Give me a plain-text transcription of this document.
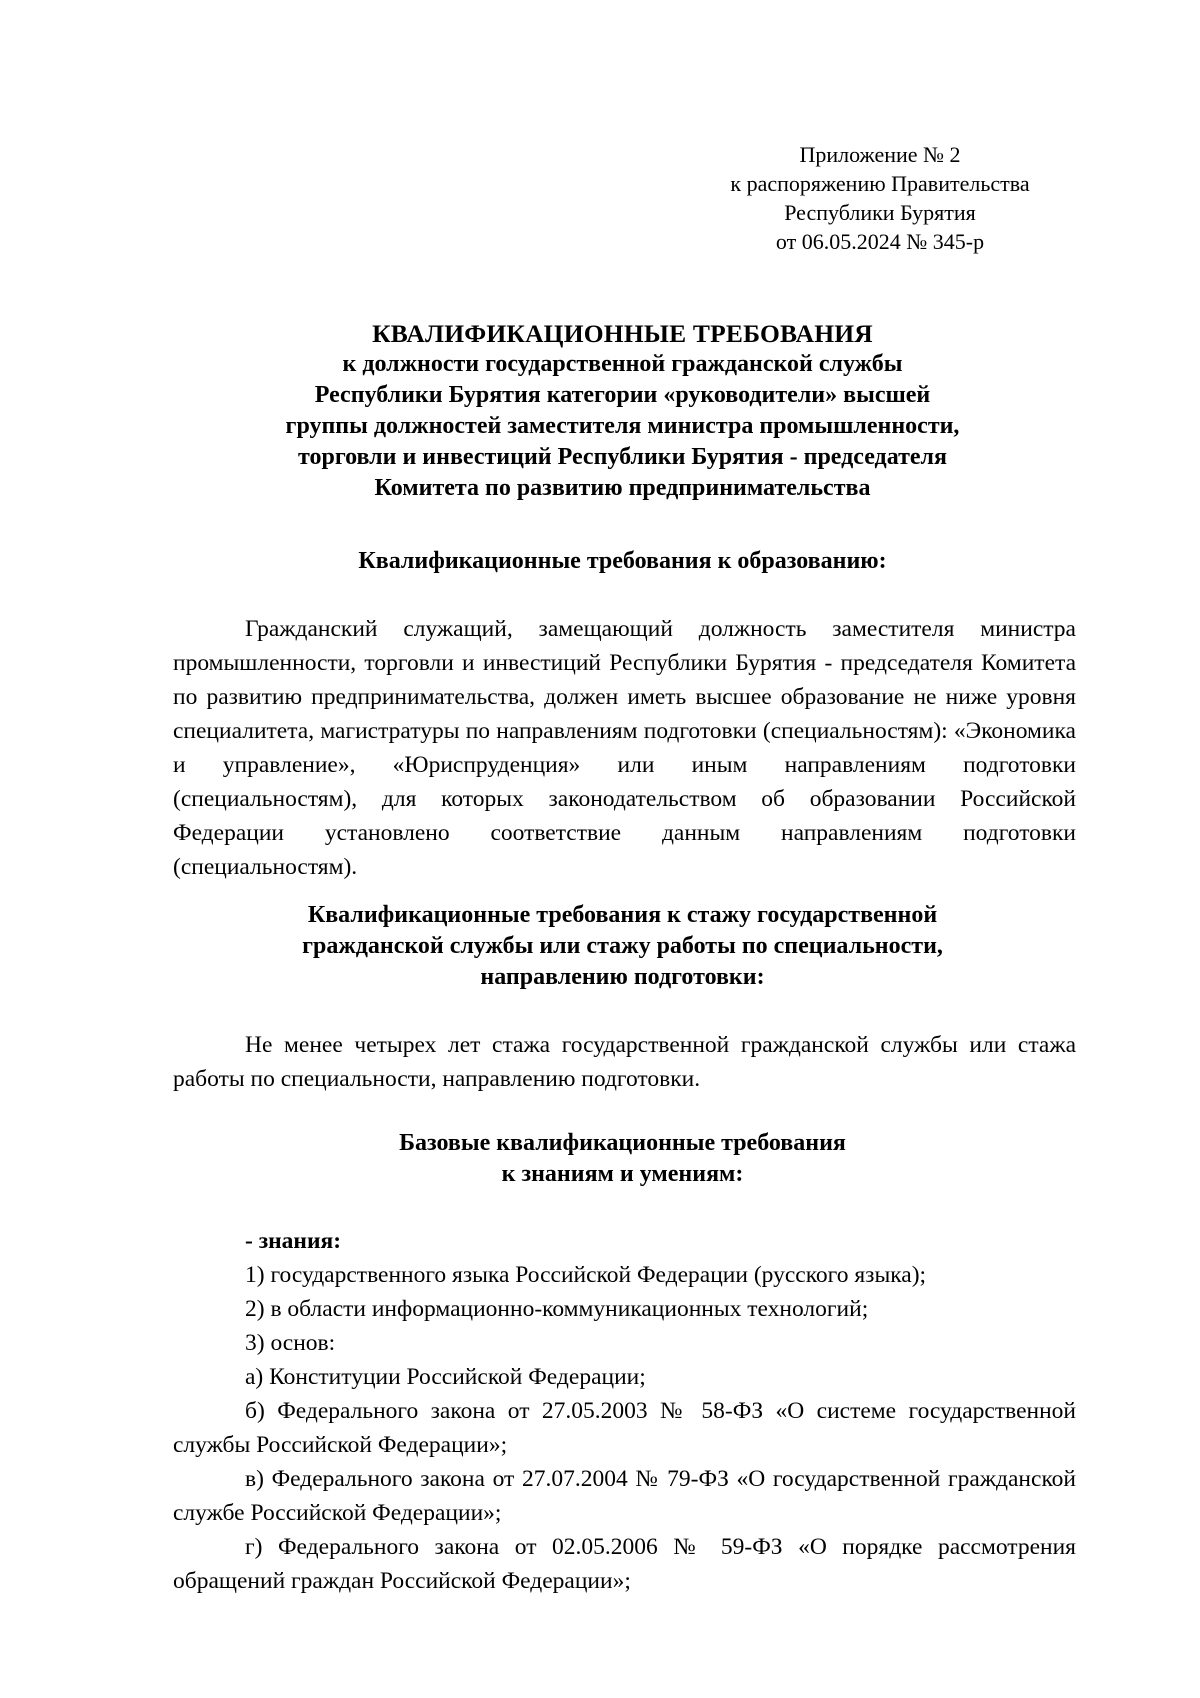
Приложение № 2
к распоряжению Правительства
Республики Бурятия
от 06.05.2024 № 345-р
КВАЛИФИКАЦИОННЫЕ ТРЕБОВАНИЯ
к должности государственной гражданской службы
Республики Бурятия категории «руководители» высшей
группы должностей заместителя министра промышленности,
торговли и инвестиций Республики Бурятия - председателя
Комитета по развитию предпринимательства
Квалификационные требования к образованию:

Гражданский служащий, замещающий должность заместителя министра промышленности, торговли и инвестиций Республики Бурятия - председателя Комитета по развитию предпринимательства, должен иметь высшее образование не ниже уровня специалитета, магистратуры по направлениям подготовки (специальностям): «Экономика и управление», «Юриспруденция» или иным направлениям подготовки (специальностям), для которых законодательством об образовании Российской Федерации установлено соответствие данным направлениям подготовки (специальностям).

Квалификационные требования к стажу государственной
гражданской службы или стажу работы по специальности,
направлению подготовки:

Не менее четырех лет стажа государственной гражданской службы или стажа работы по специальности, направлению подготовки.

Базовые квалификационные требования
к знаниям и умениям:

- знания:

1) государственного языка Российской Федерации (русского языка);

2) в области информационно-коммуникационных технологий;

3) основ:

а) Конституции Российской Федерации;

б) Федерального закона от 27.05.2003 № 58-ФЗ «О системе государственной службы Российской Федерации»;

в) Федерального закона от 27.07.2004 № 79-ФЗ «О государственной гражданской службе Российской Федерации»;

г) Федерального закона от 02.05.2006 № 59-ФЗ «О порядке рассмотрения обращений граждан Российской Федерации»;
